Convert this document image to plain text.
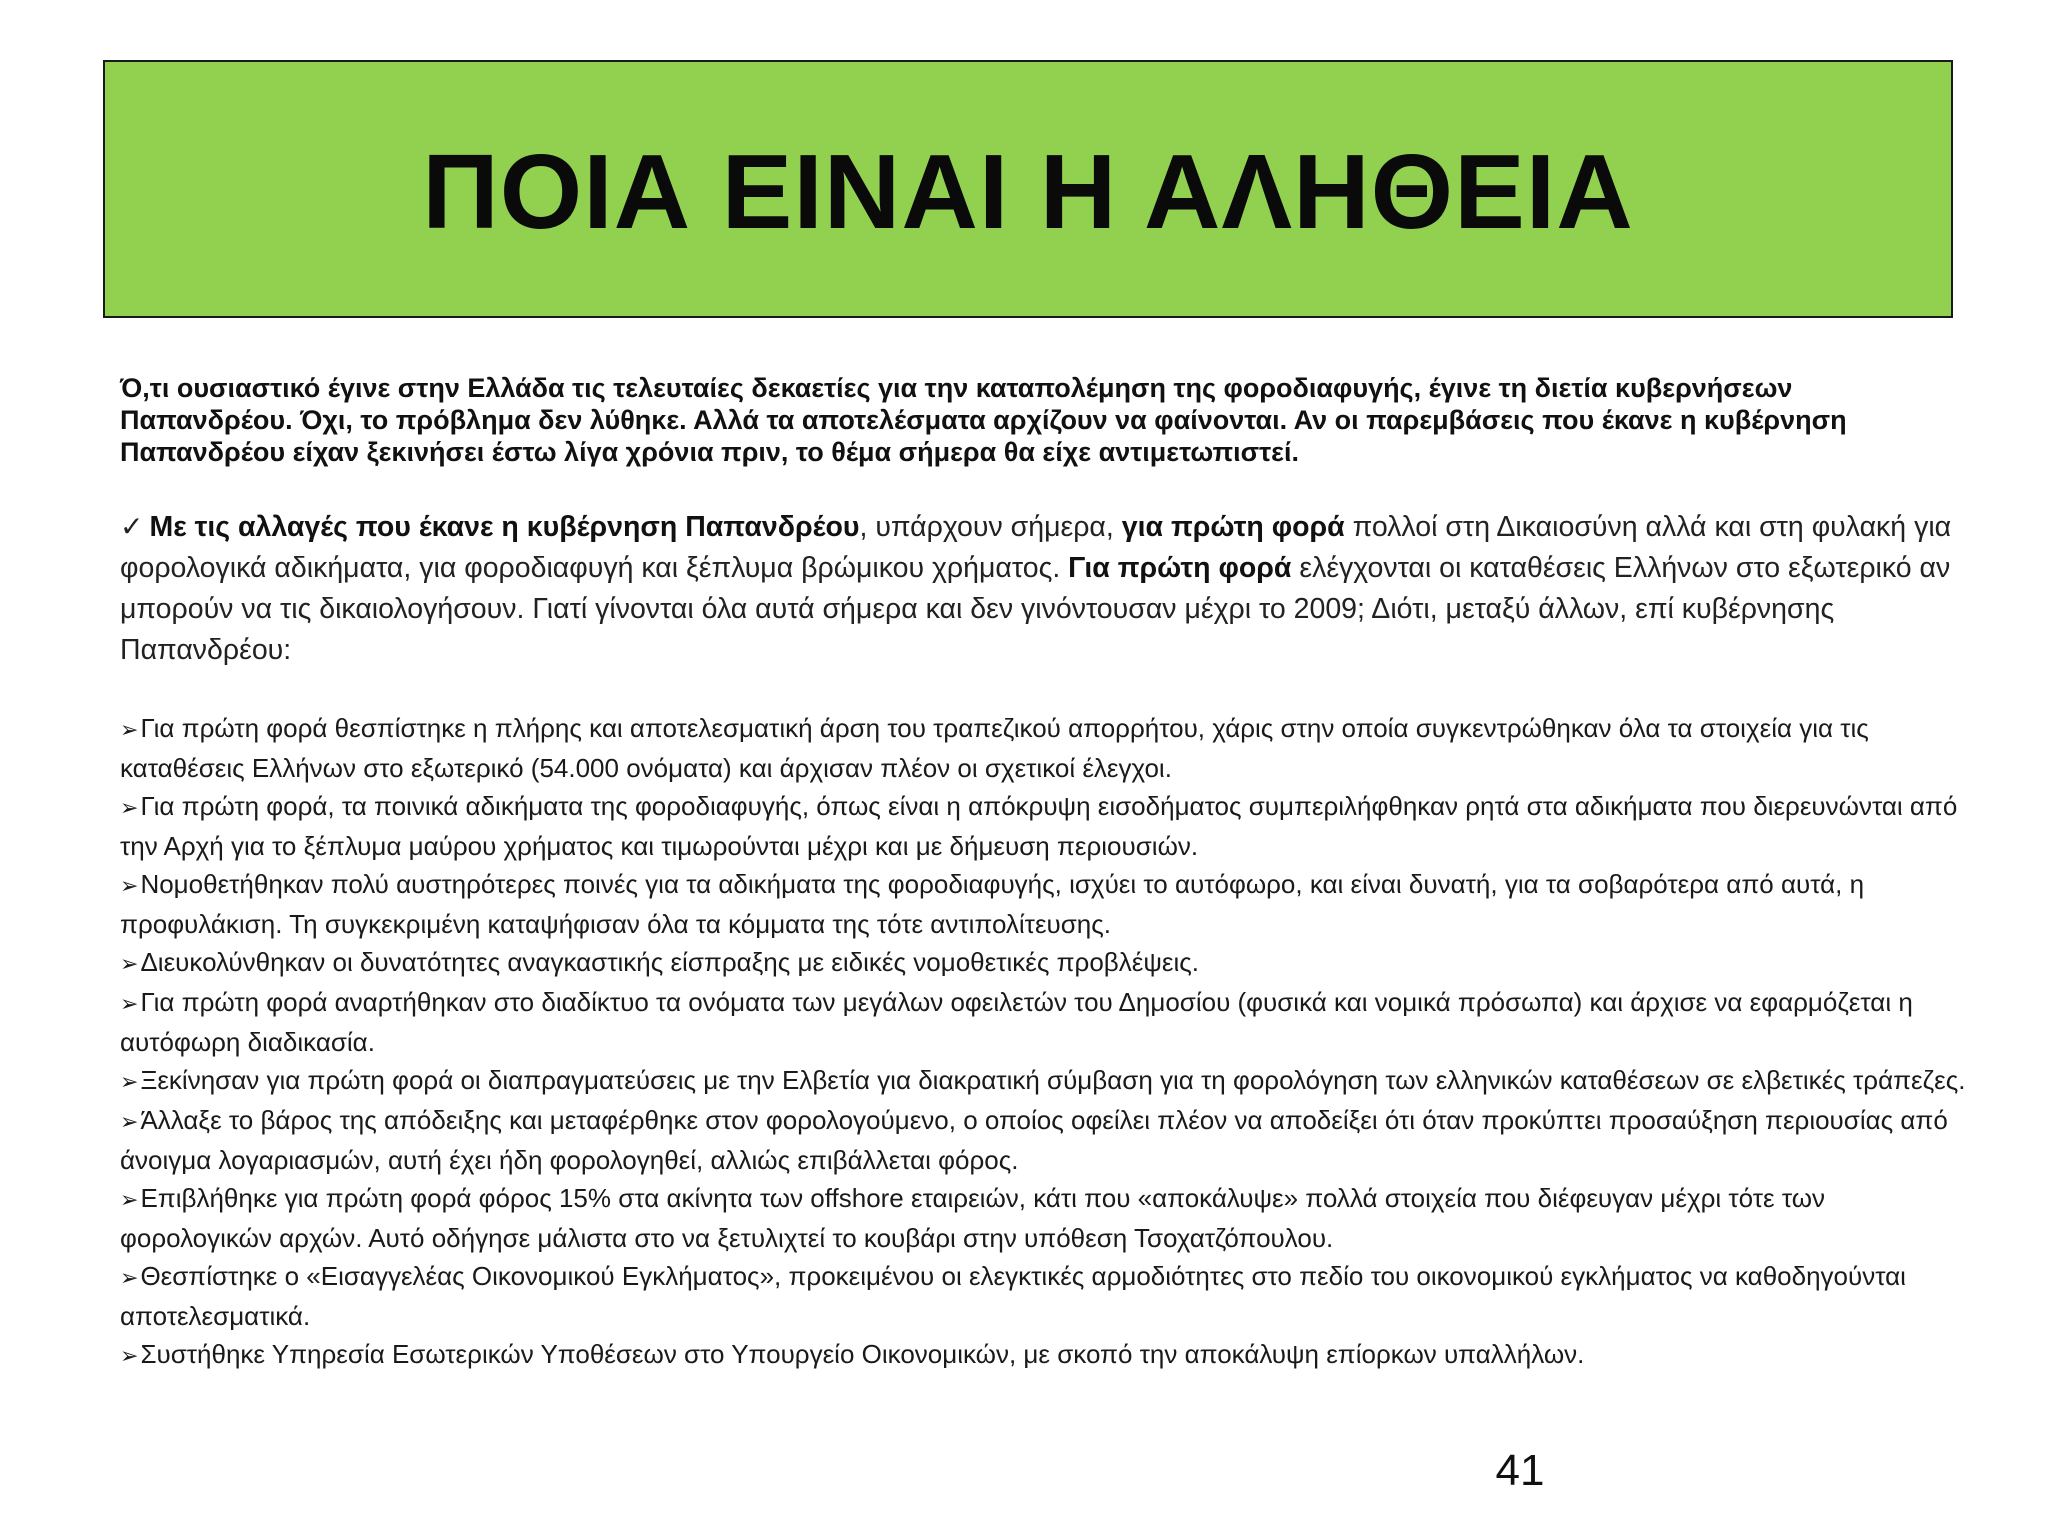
ΠΟΙΑ ΕΙΝΑΙ Η ΑΛΗΘΕΙΑ
Ό,τι ουσιαστικό έγινε στην Ελλάδα τις τελευταίες δεκαετίες για την καταπολέμηση της φοροδιαφυγής, έγινε τη διετία κυβερνήσεων Παπανδρέου. Όχι, το πρόβλημα δεν λύθηκε. Αλλά τα αποτελέσματα αρχίζουν να φαίνονται. Αν οι παρεμβάσεις που έκανε η κυβέρνηση Παπανδρέου είχαν ξεκινήσει έστω λίγα χρόνια πριν, το θέμα σήμερα θα είχε αντιμετωπιστεί.
✓ Με τις αλλαγές που έκανε η κυβέρνηση Παπανδρέου, υπάρχουν σήμερα, για πρώτη φορά πολλοί στη Δικαιοσύνη αλλά και στη φυλακή για φορολογικά αδικήματα, για φοροδιαφυγή και ξέπλυμα βρώμικου χρήματος. Για πρώτη φορά ελέγχονται οι καταθέσεις Ελλήνων στο εξωτερικό αν μπορούν να τις δικαιολογήσουν. Γιατί γίνονται όλα αυτά σήμερα και δεν γινόντουσαν μέχρι το 2009; Διότι, μεταξύ άλλων, επί κυβέρνησης Παπανδρέου:
➢Για πρώτη φορά θεσπίστηκε η πλήρης και αποτελεσματική άρση του τραπεζικού απορρήτου, χάρις στην οποία συγκεντρώθηκαν όλα τα στοιχεία για τις καταθέσεις Ελλήνων στο εξωτερικό (54.000 ονόματα) και άρχισαν πλέον οι σχετικοί έλεγχοι.
➢Για πρώτη φορά, τα ποινικά αδικήματα της φοροδιαφυγής, όπως είναι η απόκρυψη εισοδήματος συμπεριλήφθηκαν ρητά στα αδικήματα που διερευνώνται από την Αρχή για το ξέπλυμα μαύρου χρήματος και τιμωρούνται μέχρι και με δήμευση περιουσιών.
➢Νομοθετήθηκαν πολύ αυστηρότερες ποινές για τα αδικήματα της φοροδιαφυγής, ισχύει το αυτόφωρο, και είναι δυνατή, για τα σοβαρότερα από αυτά, η προφυλάκιση. Τη συγκεκριμένη καταψήφισαν όλα τα κόμματα της τότε αντιπολίτευσης.
➢Διευκολύνθηκαν οι δυνατότητες αναγκαστικής είσπραξης με ειδικές νομοθετικές προβλέψεις.
➢Για πρώτη φορά αναρτήθηκαν στο διαδίκτυο τα ονόματα των μεγάλων οφειλετών του Δημοσίου (φυσικά και νομικά πρόσωπα) και άρχισε να εφαρμόζεται η αυτόφωρη διαδικασία.
➢Ξεκίνησαν για πρώτη φορά οι διαπραγματεύσεις με την Ελβετία για διακρατική σύμβαση για τη φορολόγηση των ελληνικών καταθέσεων σε ελβετικές τράπεζες.
➢Άλλαξε το βάρος της απόδειξης και μεταφέρθηκε στον φορολογούμενο, ο οποίος οφείλει πλέον να αποδείξει ότι όταν προκύπτει προσαύξηση περιουσίας από άνοιγμα λογαριασμών, αυτή έχει ήδη φορολογηθεί, αλλιώς επιβάλλεται φόρος.
➢Επιβλήθηκε για πρώτη φορά φόρος 15% στα ακίνητα των offshore εταιρειών, κάτι που «αποκάλυψε» πολλά στοιχεία που διέφευγαν μέχρι τότε των φορολογικών αρχών. Αυτό οδήγησε μάλιστα στο να ξετυλιχτεί το κουβάρι στην υπόθεση Τσοχατζόπουλου.
➢Θεσπίστηκε ο «Εισαγγελέας Οικονομικού Εγκλήματος», προκειμένου οι ελεγκτικές αρμοδιότητες στο πεδίο του οικονομικού εγκλήματος να καθοδηγούνται αποτελεσματικά.
➢Συστήθηκε Υπηρεσία Εσωτερικών Υποθέσεων στο Υπουργείο Οικονομικών, με σκοπό την αποκάλυψη επίορκων υπαλλήλων.
41
